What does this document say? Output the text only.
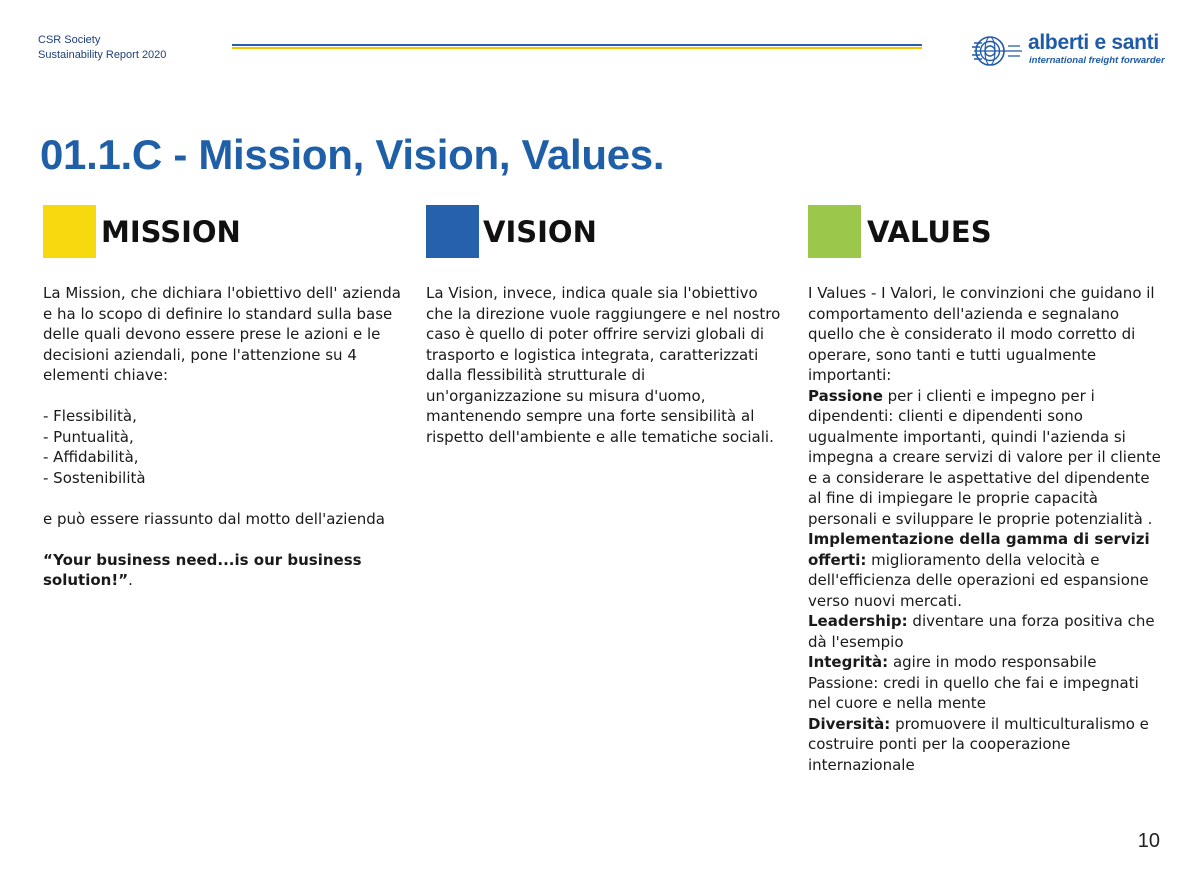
CSR Society
Sustainability Report 2020
alberti e santi
international freight forwarder
01.1.C - Mission, Vision, Values.
MISSION

La Mission, che dichiara l'obiettivo dell' azienda e ha lo scopo di definire lo standard sulla base delle quali devono essere prese le azioni e le decisioni aziendali, pone l'attenzione su 4 elementi chiave:

- Flessibilità,

- Puntualità,

- Affidabilità,

- Sostenibilità

e può essere riassunto dal motto dell'azienda

“Your business need...is our business solution!”.

VISION

La Vision, invece, indica quale sia l'obiettivo che la direzione vuole raggiungere e nel nostro caso è quello di poter offrire servizi globali di trasporto e logistica integrata, caratterizzati dalla flessibilità strutturale di un'organizzazione su misura d'uomo, mantenendo sempre una forte sensibilità al rispetto dell'ambiente e alle tematiche sociali.

VALUES

I Values - I Valori, le convinzioni che guidano il comportamento dell'azienda e segnalano quello che è considerato il modo corretto di operare, sono tanti e tutti ugualmente importanti:

Passione per i clienti e impegno per i dipendenti: clienti e dipendenti sono ugualmente importanti, quindi l'azienda si impegna a creare servizi di valore per il cliente e a considerare le aspettative del dipendente al fine di impiegare le proprie capacità personali e sviluppare le proprie potenzialità .

Implementazione della gamma di servizi offerti: miglioramento della velocità e dell'efficienza delle operazioni ed espansione verso nuovi mercati.

Leadership: diventare una forza positiva che dà l'esempio

Integrità: agire in modo responsabile

Passione: credi in quello che fai e impegnati nel cuore e nella mente

Diversità: promuovere il multiculturalismo e costruire ponti per la cooperazione internazionale

10
